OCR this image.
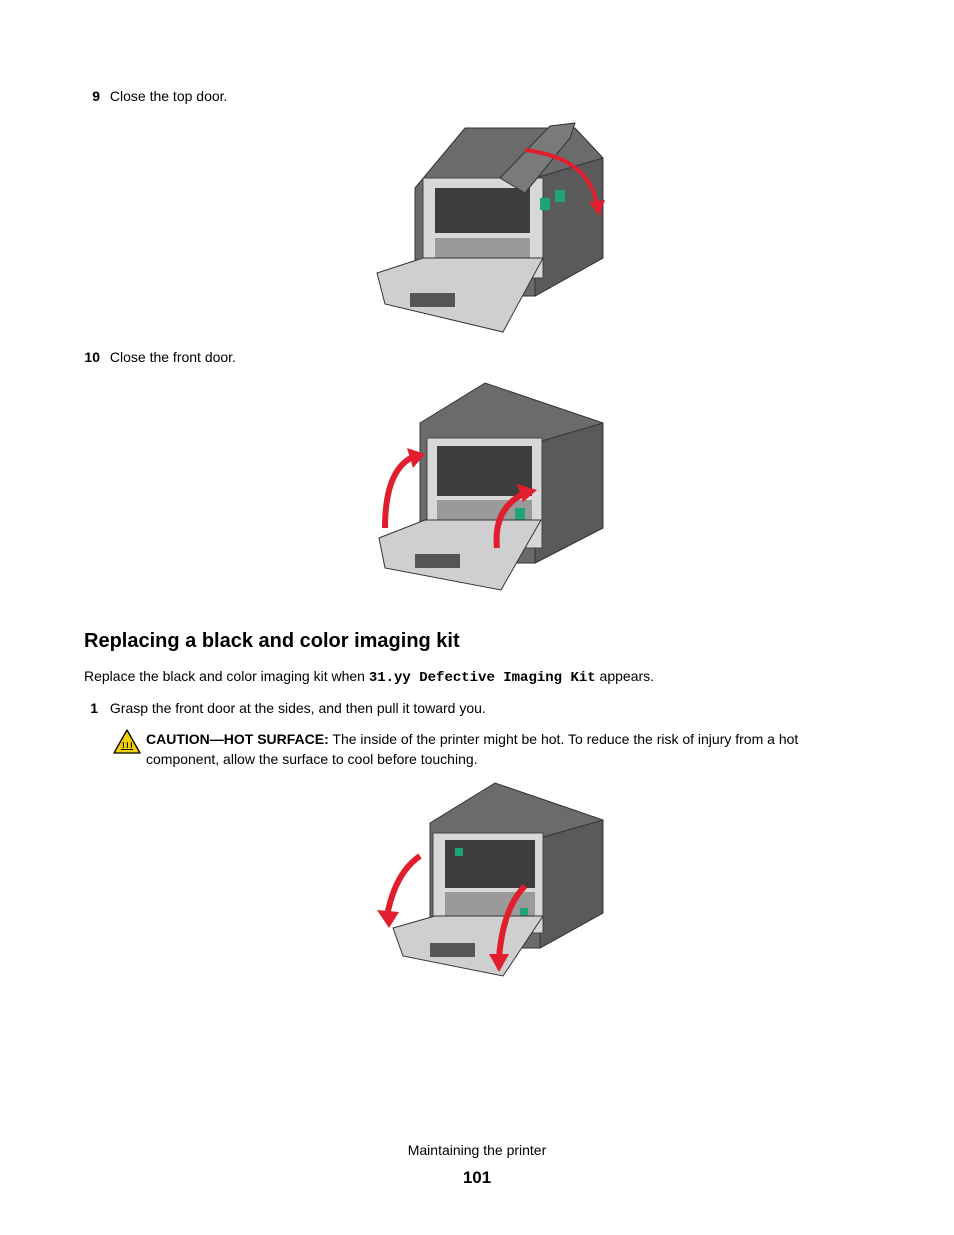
9 Close the top door.
10 Close the front door.
Replacing a black and color imaging kit
Replace the black and color imaging kit when 31.yy Defective Imaging Kit appears.
1 Grasp the front door at the sides, and then pull it toward you.
CAUTION—HOT SURFACE: The inside of the printer might be hot. To reduce the risk of injury from a hot component, allow the surface to cool before touching.
Maintaining the printer
101
